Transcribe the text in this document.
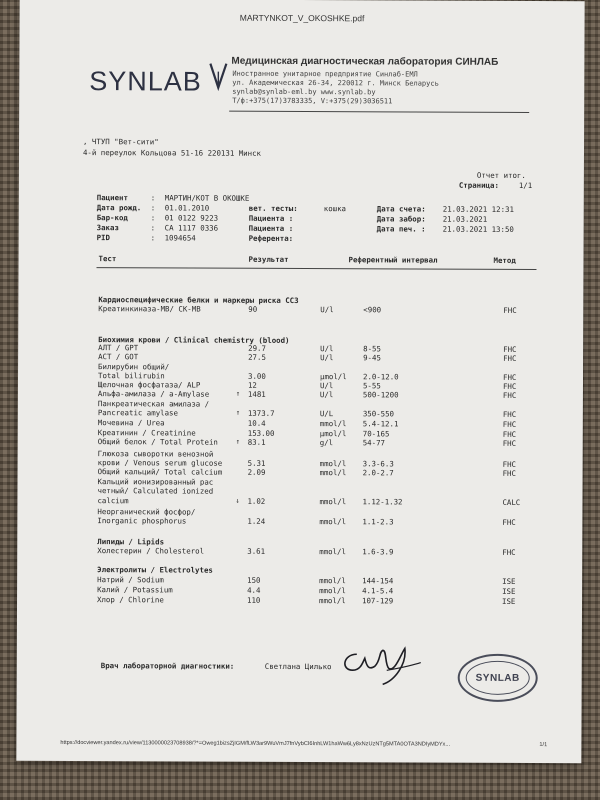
MARTYNKOT_V_OKOSHKE.pdf
SYNLAB
Медицинская диагностическая лаборатория СИНЛАБ
Иностранное унитарное предприятие Синлаб-ЕМЛ
ул. Академическая 26-34, 220012 г. Минск Беларусь
synlab@synlab-eml.by www.synlab.by
Т/ф:+375(17)3783335, V:+375(29)3036511
, ЧТУП "Вет-сити"
4-й переулок Кольцова 51-16 220131 Минск
Отчет итог.
Страница:	1/1
Пациент	: МАРТИН/КОТ В ОКОШКЕ
Дата рожд. : 01.01.2010
Бар-код	: 01 0122 9223
Заказ	: CA 1117 0336
PID	: 1094654
вет. тесты:	кошка
Пациента :
Пациента :
Референта:
Дата счета: 21.03.2021 12:31
Дата забор: 21.03.2021
Дата печ. : 21.03.2021 13:50
Тест	Результат	Референтный интервал	Метод
Кардиоспецифические белки и маркеры риска ССЗ
Креатинкиназа-МВ/ CK-MB	90	U/l	<900	FHC
Биохимия крови / Clinical chemistry (blood)
АЛТ / GPT	29.7	U/l	8-55	FHC
АСТ / GOT	27.5	U/l	9-45	FHC
Билирубин общий/
Total bilirubin	3.00	µmol/l 2.0-12.0	FHC
Щелочная фосфатаза/ ALP	12	U/l	5-55	FHC
Альфа-амилаза / a-Amylase	↑ 1481	U/l	500-1200	FHC
Панкреатическая амилаза /
Pancreatic amylase	↑ 1373.7	U/L	350-550	FHC
Мочевина / Urea	10.4	mmol/l 5.4-12.1	FHC
Креатинин / Creatinine	153.00	µmol/l 70-165	FHC
Общий белок / Total Protein	↑ 83.1	g/l	54-77	FHC
Глюкоза сыворотки венозной
крови / Venous serum glucose	5.31	mmol/l 3.3-6.3	FHC
Общий кальций/ Total calcium	2.09	mmol/l 2.0-2.7	FHC
Кальций ионизированный рас
четный/ Calculated ionized
calcium	↓ 1.02	mmol/l 1.12-1.32	CALC
Неорганический фосфор/
Inorganic phosphorus	1.24	mmol/l 1.1-2.3	FHC
Липиды / Lipids
Холестерин / Cholesterol	3.61	mmol/l 1.6-3.9	FHC
Электролиты / Electrolytes
Натрий / Sodium	150	mmol/l 144-154	ISE
Калий / Potassium	4.4	mmol/l 4.1-5.4	ISE
Хлор / Chlorine	110	mmol/l 107-129	ISE
Врач лабораторной диагностики:	Светлана Цилько
SYNLAB
https://docviewer.yandex.ru/view/1130000023708938/?*=Oweg1bizsZjIGM/fLW3ar9WuVmJ7fnVybCI6InhLW1haWw6Ly8xNzUzNTg5MTA0OTA3NDIyMDYx...	1/1
